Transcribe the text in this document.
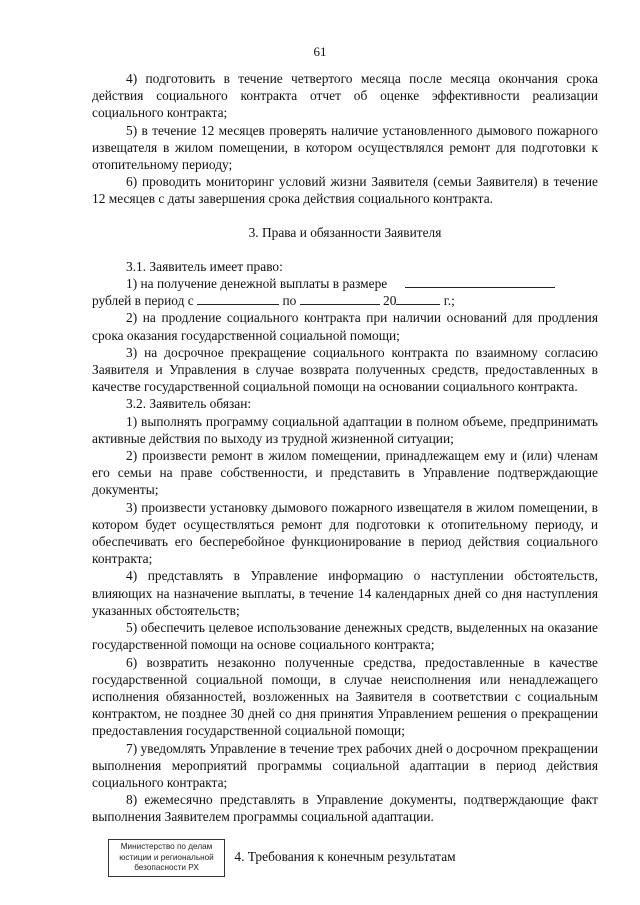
61

4) подготовить в течение четвертого месяца после месяца окончания срока действия социального контракта отчет об оценке эффективности реализации социального контракта;

5) в течение 12 месяцев проверять наличие установленного дымового пожарного извещателя в жилом помещении, в котором осуществлялся ремонт для подготовки к отопительному периоду;

6) проводить мониторинг условий жизни Заявителя (семьи Заявителя) в течение 12 месяцев с даты завершения срока действия социального контракта.

3. Права и обязанности Заявителя

3.1. Заявитель имеет право:

1) на получение денежной выплаты в размере

рублей в период с	по	20	г.;

2) на продление социального контракта при наличии оснований для продления срока оказания государственной социальной помощи;

3) на досрочное прекращение социального контракта по взаимному согласию Заявителя и Управления в случае возврата полученных средств, предоставленных в качестве государственной социальной помощи на основании социального контракта.

3.2. Заявитель обязан:

1) выполнять программу социальной адаптации в полном объеме, предпринимать активные действия по выходу из трудной жизненной ситуации;

2) произвести ремонт в жилом помещении, принадлежащем ему и (или) членам его семьи на праве собственности, и представить в Управление подтверждающие документы;

3) произвести установку дымового пожарного извещателя в жилом помещении, в котором будет осуществляться ремонт для подготовки к отопительному периоду, и обеспечивать его бесперебойное функционирование в период действия социального контракта;

4) представлять в Управление информацию о наступлении обстоятельств, влияющих на назначение выплаты, в течение 14 календарных дней со дня наступления указанных обстоятельств;

5) обеспечить целевое использование денежных средств, выделенных на оказание государственной помощи на основе социального контракта;

6) возвратить незаконно полученные средства, предоставленные в качестве государственной социальной помощи, в случае неисполнения или ненадлежащего исполнения обязанностей, возложенных на Заявителя в соответствии с социальным контрактом, не позднее 30 дней со дня принятия Управлением решения о прекращении предоставления государственной социальной помощи;

7) уведомлять Управление в течение трех рабочих дней о досрочном прекращении выполнения мероприятий программы социальной адаптации в период действия социального контракта;

8) ежемесячно представлять в Управление документы, подтверждающие факт выполнения Заявителем программы социальной адаптации.

4. Требования к конечным результатам

Министерство по делам
юстиции и региональной
безопасности РХ
